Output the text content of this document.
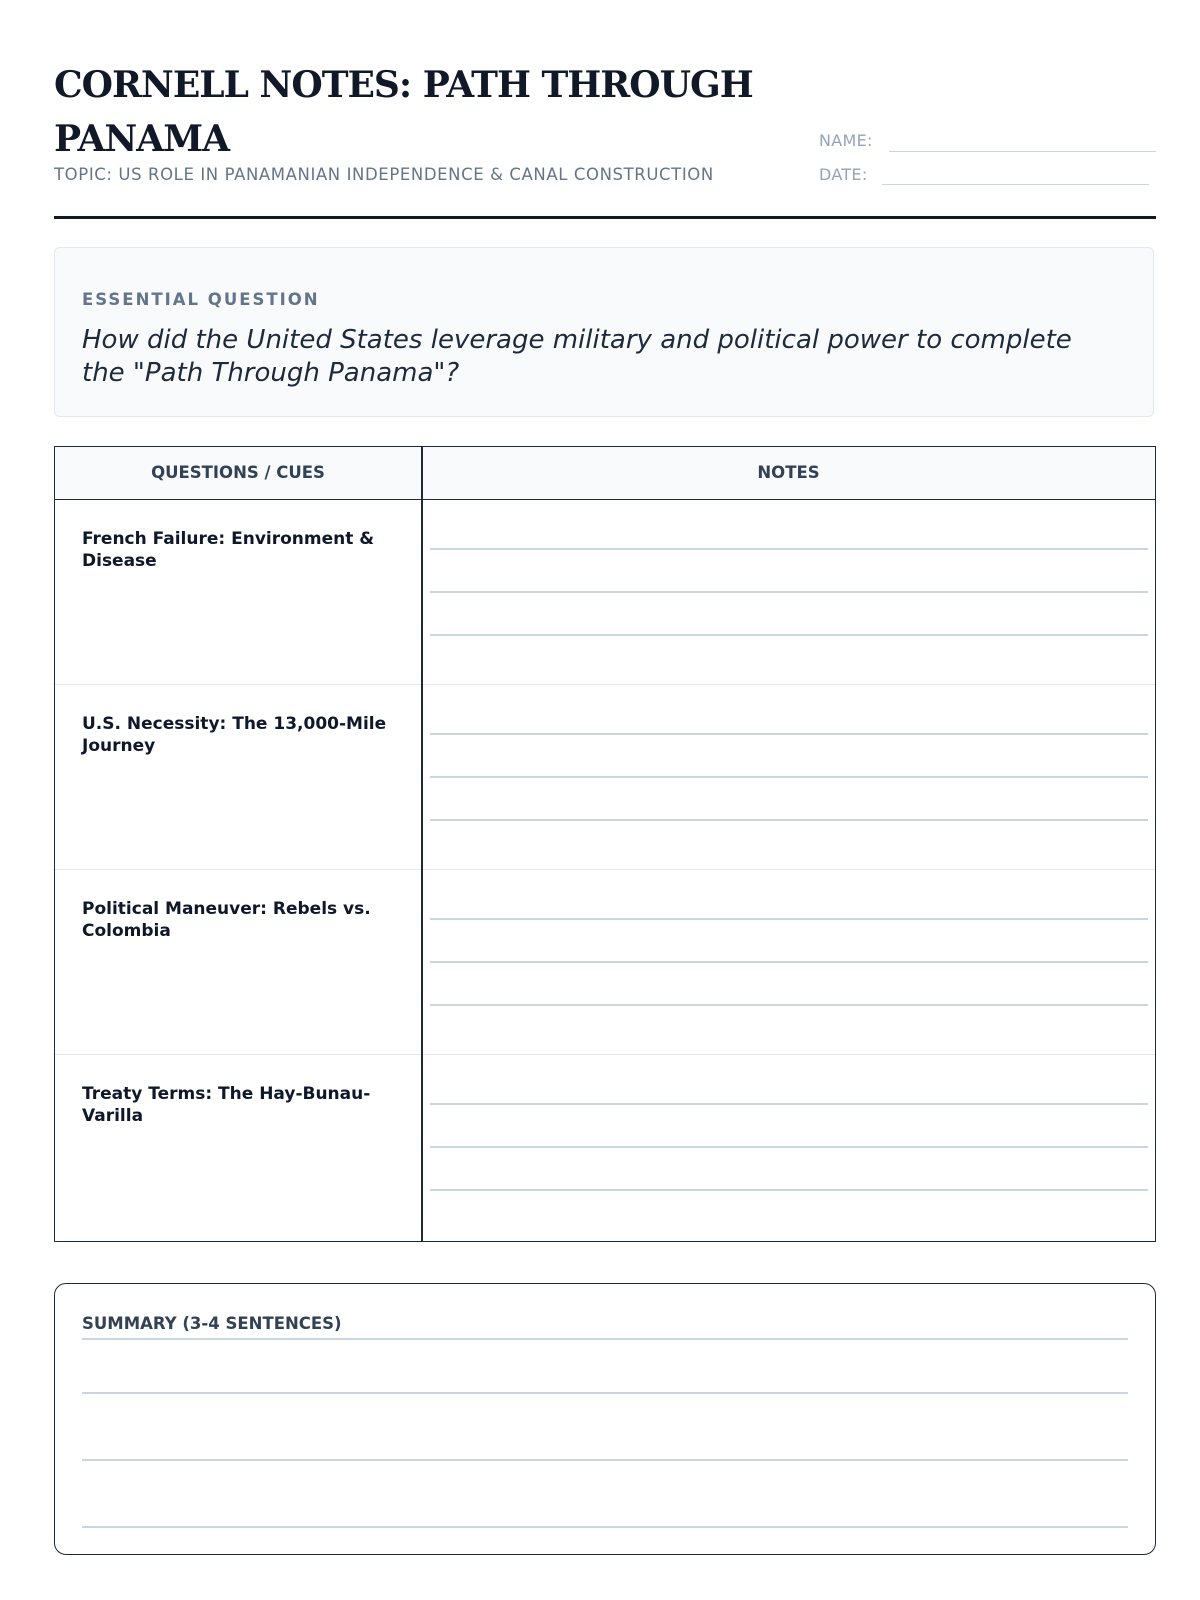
CORNELL NOTES: PATH THROUGH PANAMA
TOPIC: US ROLE IN PANAMANIAN INDEPENDENCE & CANAL CONSTRUCTION
NAME:
DATE:
ESSENTIAL QUESTION
How did the United States leverage military and political power to complete the "Path Through Panama"?
QUESTIONS / CUES	NOTES
French Failure: Environment & Disease
U.S. Necessity: The 13,000-Mile Journey
Political Maneuver: Rebels vs. Colombia
Treaty Terms: The Hay-Bunau-Varilla
SUMMARY (3-4 SENTENCES)
